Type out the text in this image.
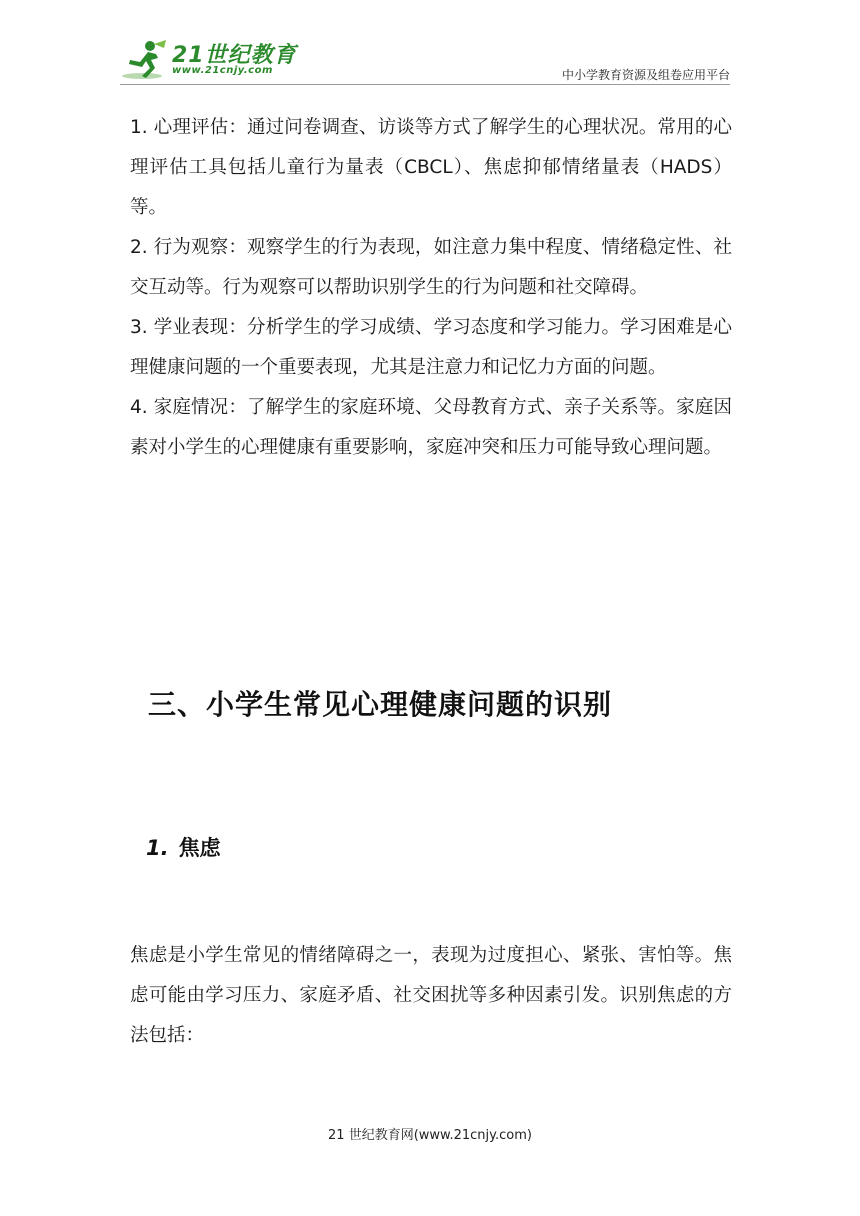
21世纪教育
www.21cnjy.com	中小学教育资源及组卷应用平台

1. 心理评估：通过问卷调查、访谈等方式了解学生的心理状况。常用的心理评估工具包括儿童行为量表（CBCL）、焦虑抑郁情绪量表（HADS）等。

2. 行为观察：观察学生的行为表现，如注意力集中程度、情绪稳定性、社交互动等。行为观察可以帮助识别学生的行为问题和社交障碍。

3. 学业表现：分析学生的学习成绩、学习态度和学习能力。学习困难是心理健康问题的一个重要表现，尤其是注意力和记忆力方面的问题。

4. 家庭情况：了解学生的家庭环境、父母教育方式、亲子关系等。家庭因素对小学生的心理健康有重要影响，家庭冲突和压力可能导致心理问题。

三、小学生常见心理健康问题的识别
1. 焦虑

焦虑是小学生常见的情绪障碍之一，表现为过度担心、紧张、害怕等。焦虑可能由学习压力、家庭矛盾、社交困扰等多种因素引发。识别焦虑的方法包括：

21 世纪教育网(www.21cnjy.com)
